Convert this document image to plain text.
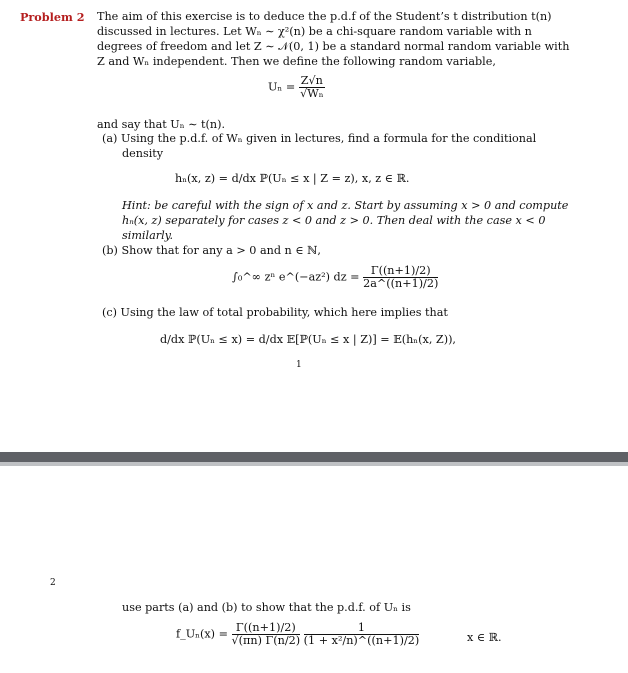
Problem 2 The aim of this exercise is to deduce the p.d.f of the Student’s t distribution t(n)
discussed in lectures. Let Wₙ ∼ χ²(n) be a chi-square random variable with n
degrees of freedom and let Z ∼ 𝒩(0, 1) be a standard normal random variable with
Z and Wₙ independent. Then we define the following random variable,
$U_n = \frac{Z√n}{\text{√Wₙ}}$
and say that Uₙ ∼ t(n).
(a) Using the p.d.f. of Wₙ given in lectures, find a formula for the conditional
density
hₙ(x, z) = d/dx ℙ(Uₙ ≤ x | Z = z), x, z ∈ ℝ.
Hint: be careful with the sign of x and z. Start by assuming x > 0 and compute
hₙ(x, z) separately for cases z < 0 and z > 0. Then deal with the case x < 0
similarly.
(b) Show that for any a > 0 and n ∈ ℕ,
∫₀^∞ zⁿ e^(−az²) dz = $\frac{\Gamma((n+1)/2)}{2a\^{}((n+1)/2)}$
(c) Using the law of total probability, which here implies that
d/dx ℙ(Uₙ ≤ x) = d/dx 𝔼[ℙ(Uₙ ≤ x | Z)] = 𝔼(hₙ(x, Z)),
1
2
use parts (a) and (b) to show that the p.d.f. of Uₙ is
f_Uₙ(x) = $\frac{\Gamma((n+1)/2)}{√(\pi n) \Gamma(n/2)}$
$\frac{1}{\text{(1 + x²/n)\textasciicircum{}((n+1)/2)}}$	x ∈ ℝ.
